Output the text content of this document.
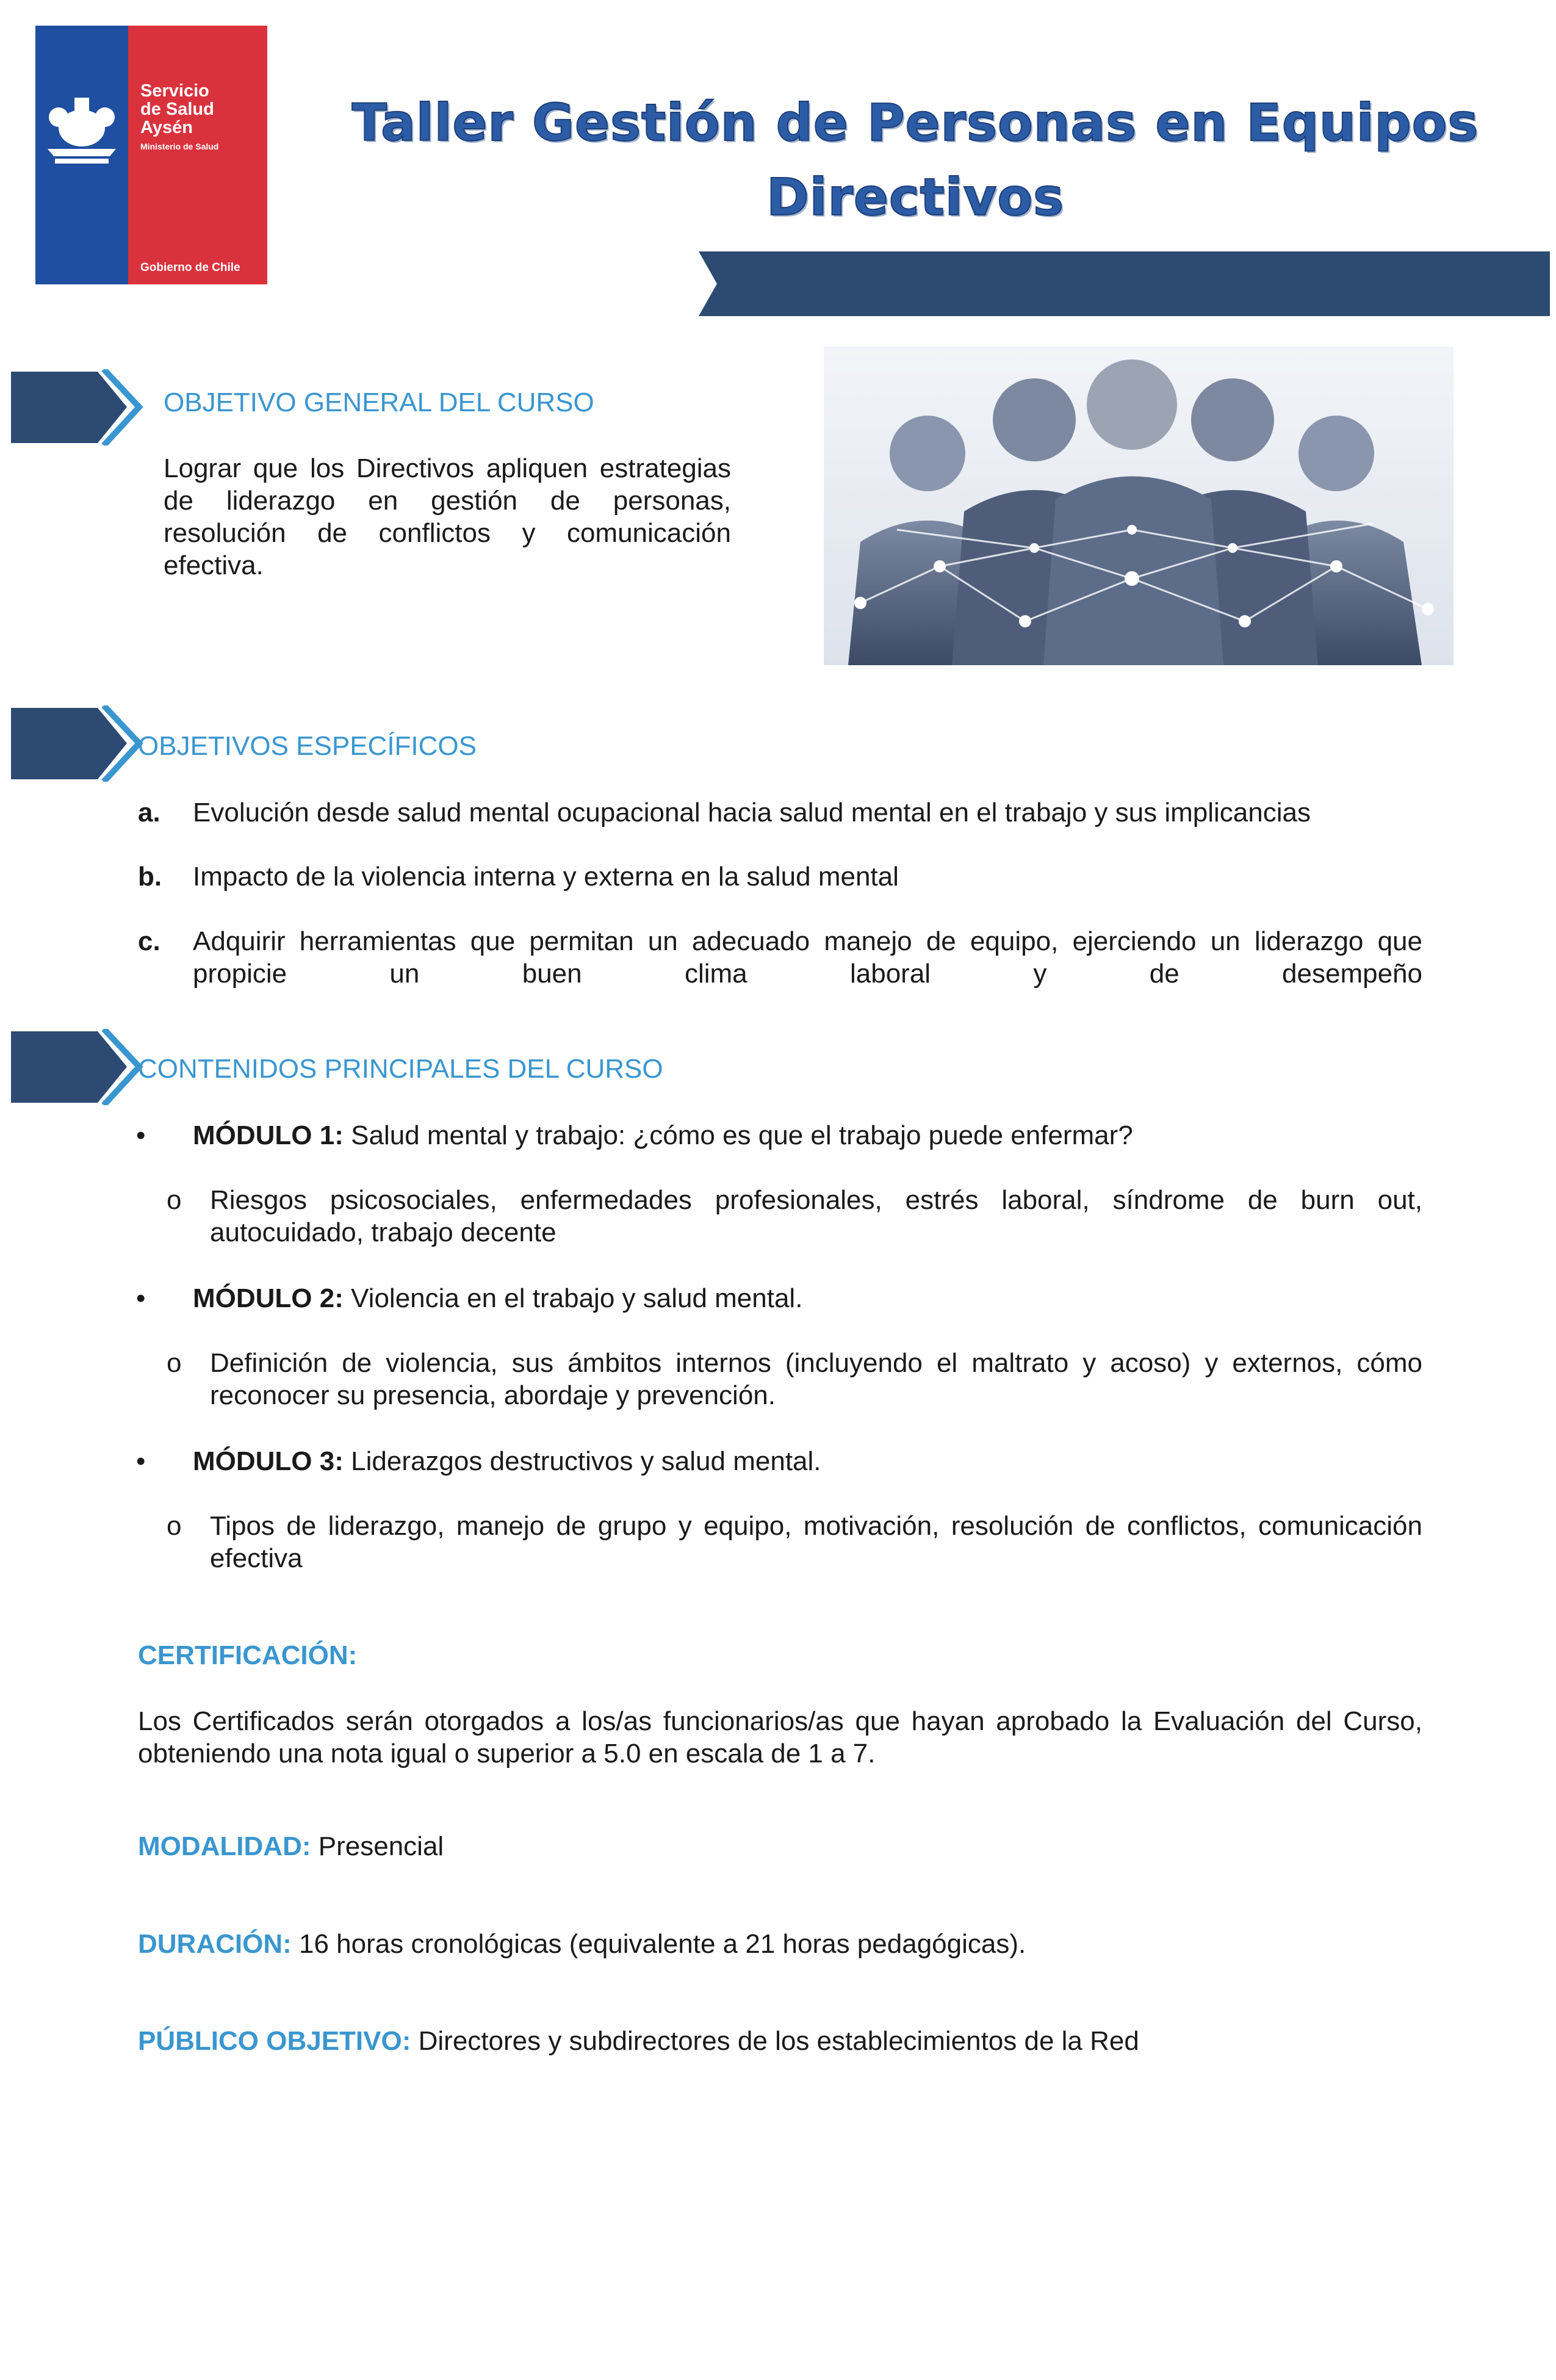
Servicio
de Salud
Aysén
Ministerio de Salud
Gobierno de Chile
Taller Gestión de Personas en Equipos
Directivos
OBJETIVO GENERAL DEL CURSO
Lograr que los Directivos apliquen estrategias de liderazgo en gestión de personas, resolución de conflictos y comunicación efectiva.
OBJETIVOS ESPECÍFICOS
a. Evolución desde salud mental ocupacional hacia salud mental en el trabajo y sus implicancias
b. Impacto de la violencia interna y externa en la salud mental
c. Adquirir herramientas que permitan un adecuado manejo de equipo, ejerciendo un liderazgo que propicie un buen clima laboral y de desempeño
CONTENIDOS PRINCIPALES DEL CURSO
• MÓDULO 1: Salud mental y trabajo: ¿cómo es que el trabajo puede enfermar?
o Riesgos psicosociales, enfermedades profesionales, estrés laboral, síndrome de burn out, autocuidado, trabajo decente
• MÓDULO 2: Violencia en el trabajo y salud mental.
o Definición de violencia, sus ámbitos internos (incluyendo el maltrato y acoso) y externos, cómo reconocer su presencia, abordaje y prevención.
• MÓDULO 3: Liderazgos destructivos y salud mental.
o Tipos de liderazgo, manejo de grupo y equipo, motivación, resolución de conflictos, comunicación efectiva
CERTIFICACIÓN:
Los Certificados serán otorgados a los/as funcionarios/as que hayan aprobado la Evaluación del Curso, obteniendo una nota igual o superior a 5.0 en escala de 1 a 7.
MODALIDAD: Presencial
DURACIÓN: 16 horas cronológicas (equivalente a 21 horas pedagógicas).
PÚBLICO OBJETIVO: Directores y subdirectores de los establecimientos de la Red
